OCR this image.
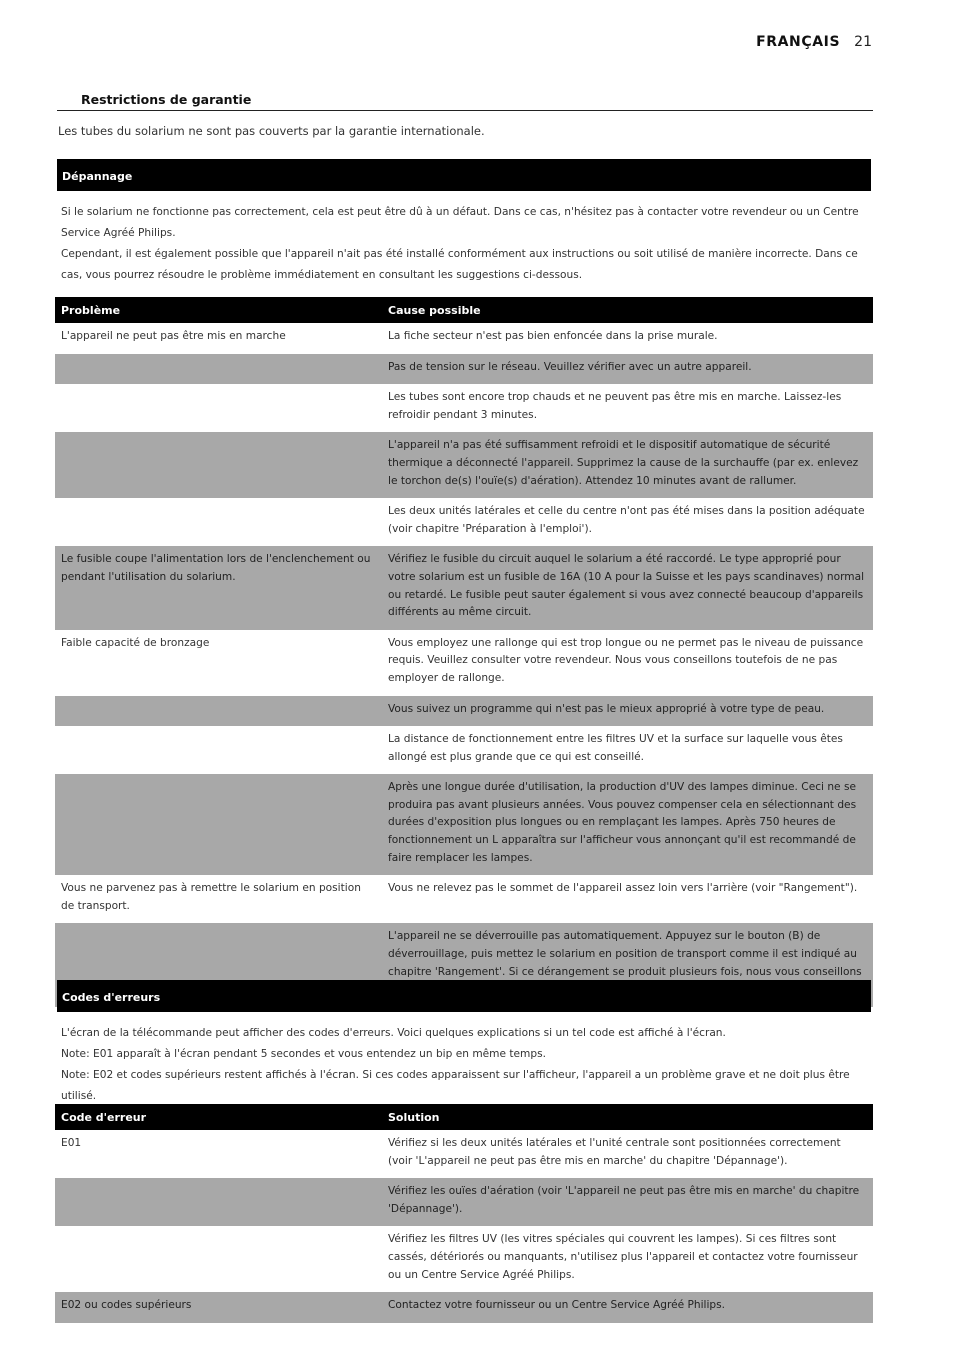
FRANÇAIS 21
Restrictions de garantie
Les tubes du solarium ne sont pas couverts par la garantie internationale.
Dépannage

Si le solarium ne fonctionne pas correctement, cela est peut être dû à un défaut. Dans ce cas, n'hésitez pas à contacter votre revendeur ou un Centre Service Agréé Philips.

Cependant, il est également possible que l'appareil n'ait pas été installé conformément aux instructions ou soit utilisé de manière incorrecte. Dans ce cas, vous pourrez résoudre le problème immédiatement en consultant les suggestions ci-dessous.

Problème	Cause possible
L'appareil ne peut pas être mis en marche	La fiche secteur n'est pas bien enfoncée dans la prise murale.
	Pas de tension sur le réseau. Veuillez vérifier avec un autre appareil.
	Les tubes sont encore trop chauds et ne peuvent pas être mis en marche. Laissez-les refroidir pendant 3 minutes.
	L'appareil n'a pas été suffisamment refroidi et le dispositif automatique de sécurité thermique a déconnecté l'appareil. Supprimez la cause de la surchauffe (par ex. enlevez le torchon de(s) l'ouïe(s) d'aération). Attendez 10 minutes avant de rallumer.
	Les deux unités latérales et celle du centre n'ont pas été mises dans la position adéquate (voir chapitre 'Préparation à l'emploi').
Le fusible coupe l'alimentation lors de l'enclenchement ou pendant l'utilisation du solarium.	Vérifiez le fusible du circuit auquel le solarium a été raccordé. Le type approprié pour votre solarium est un fusible de 16A (10 A pour la Suisse et les pays scandinaves) normal ou retardé. Le fusible peut sauter également si vous avez connecté beaucoup d'appareils différents au même circuit.
Faible capacité de bronzage	Vous employez une rallonge qui est trop longue ou ne permet pas le niveau de puissance requis. Veuillez consulter votre revendeur. Nous vous conseillons toutefois de ne pas employer de rallonge.
	Vous suivez un programme qui n'est pas le mieux approprié à votre type de peau.
	La distance de fonctionnement entre les filtres UV et la surface sur laquelle vous êtes allongé est plus grande que ce qui est conseillé.
	Après une longue durée d'utilisation, la production d'UV des lampes diminue. Ceci ne se produira pas avant plusieurs années. Vous pouvez compenser cela en sélectionnant des durées d'exposition plus longues ou en remplaçant les lampes. Après 750 heures de fonctionnement un L apparaîtra sur l'afficheur vous annonçant qu'il est recommandé de faire remplacer les lampes.
Vous ne parvenez pas à remettre le solarium en position de transport.	Vous ne relevez pas le sommet de l'appareil assez loin vers l'arrière (voir "Rangement").
	L'appareil ne se déverrouille pas automatiquement. Appuyez sur le bouton (B) de déverrouillage, puis mettez le solarium en position de transport comme il est indiqué au chapitre 'Rangement'. Si ce dérangement se produit plusieurs fois, nous vous conseillons
Codes d'erreurs

L'écran de la télécommande peut afficher des codes d'erreurs. Voici quelques explications si un tel code est affiché à l'écran.

Note: E01 apparaît à l'écran pendant 5 secondes et vous entendez un bip en même temps.

Note: E02 et codes supérieurs restent affichés à l'écran. Si ces codes apparaissent sur l'afficheur, l'appareil a un problème grave et ne doit plus être utilisé.

Code d'erreur	Solution
E01	Vérifiez si les deux unités latérales et l'unité centrale sont positionnées correctement (voir 'L'appareil ne peut pas être mis en marche' du chapitre 'Dépannage').
	Vérifiez les ouïes d'aération (voir 'L'appareil ne peut pas être mis en marche' du chapitre 'Dépannage').
	Vérifiez les filtres UV (les vitres spéciales qui couvrent les lampes). Si ces filtres sont cassés, détériorés ou manquants, n'utilisez plus l'appareil et contactez votre fournisseur ou un Centre Service Agréé Philips.
E02 ou codes supérieurs	Contactez votre fournisseur ou un Centre Service Agréé Philips.
